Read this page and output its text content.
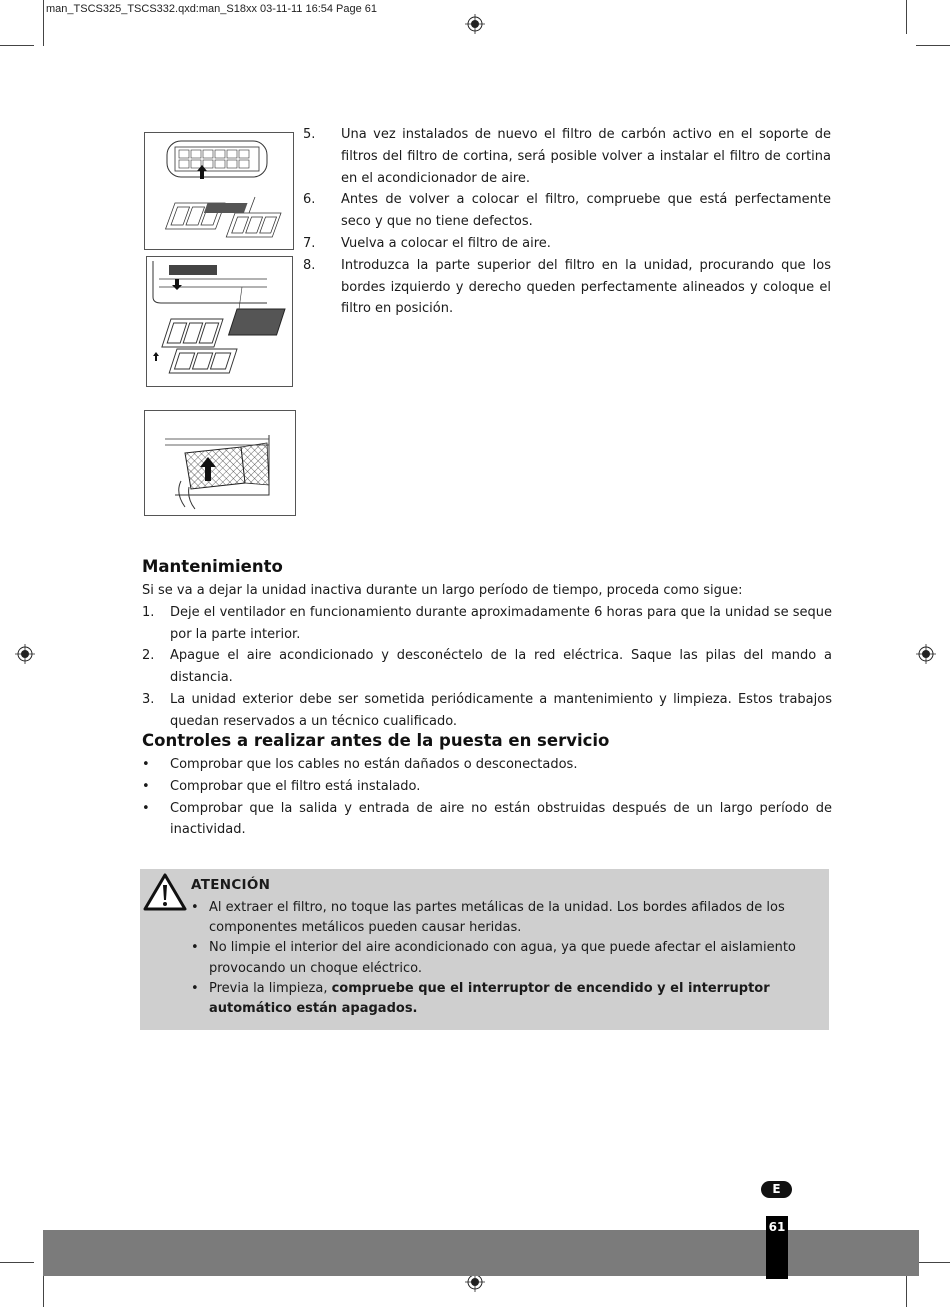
man_TSCS325_TSCS332.qxd:man_S18xx 03-11-11 16:54 Page 61
5. Una vez instalados de nuevo el filtro de carbón activo en el soporte de filtros del filtro de cortina, será posible volver a instalar el filtro de cortina en el acondicionador de aire.
6. Antes de volver a colocar el filtro, compruebe que está perfectamente seco y que no tiene defectos.
7. Vuelva a colocar el filtro de aire.
8. Introduzca la parte superior del filtro en la unidad, procurando que los bordes izquierdo y derecho queden perfectamente alineados y coloque el filtro en posición.
Mantenimiento
Si se va a dejar la unidad inactiva durante un largo período de tiempo, proceda como sigue:
1. Deje el ventilador en funcionamiento durante aproximadamente 6 horas para que la unidad se seque por la parte interior.
2. Apague el aire acondicionado y desconéctelo de la red eléctrica. Saque las pilas del mando a distancia.
3. La unidad exterior debe ser sometida periódicamente a mantenimiento y limpieza. Estos trabajos quedan reservados a un técnico cualificado.
Controles a realizar antes de la puesta en servicio
• Comprobar que los cables no están dañados o desconectados.
• Comprobar que el filtro está instalado.
• Comprobar que la salida y entrada de aire no están obstruidas después de un largo período de inactividad.
ATENCIÓN
• Al extraer el filtro, no toque las partes metálicas de la unidad. Los bordes afilados de los componentes metálicos pueden causar heridas.
• No limpie el interior del aire acondicionado con agua, ya que puede afectar el aislamiento provocando un choque eléctrico.
• Previa la limpieza, compruebe que el interruptor de encendido y el interruptor automático están apagados.
E
61
